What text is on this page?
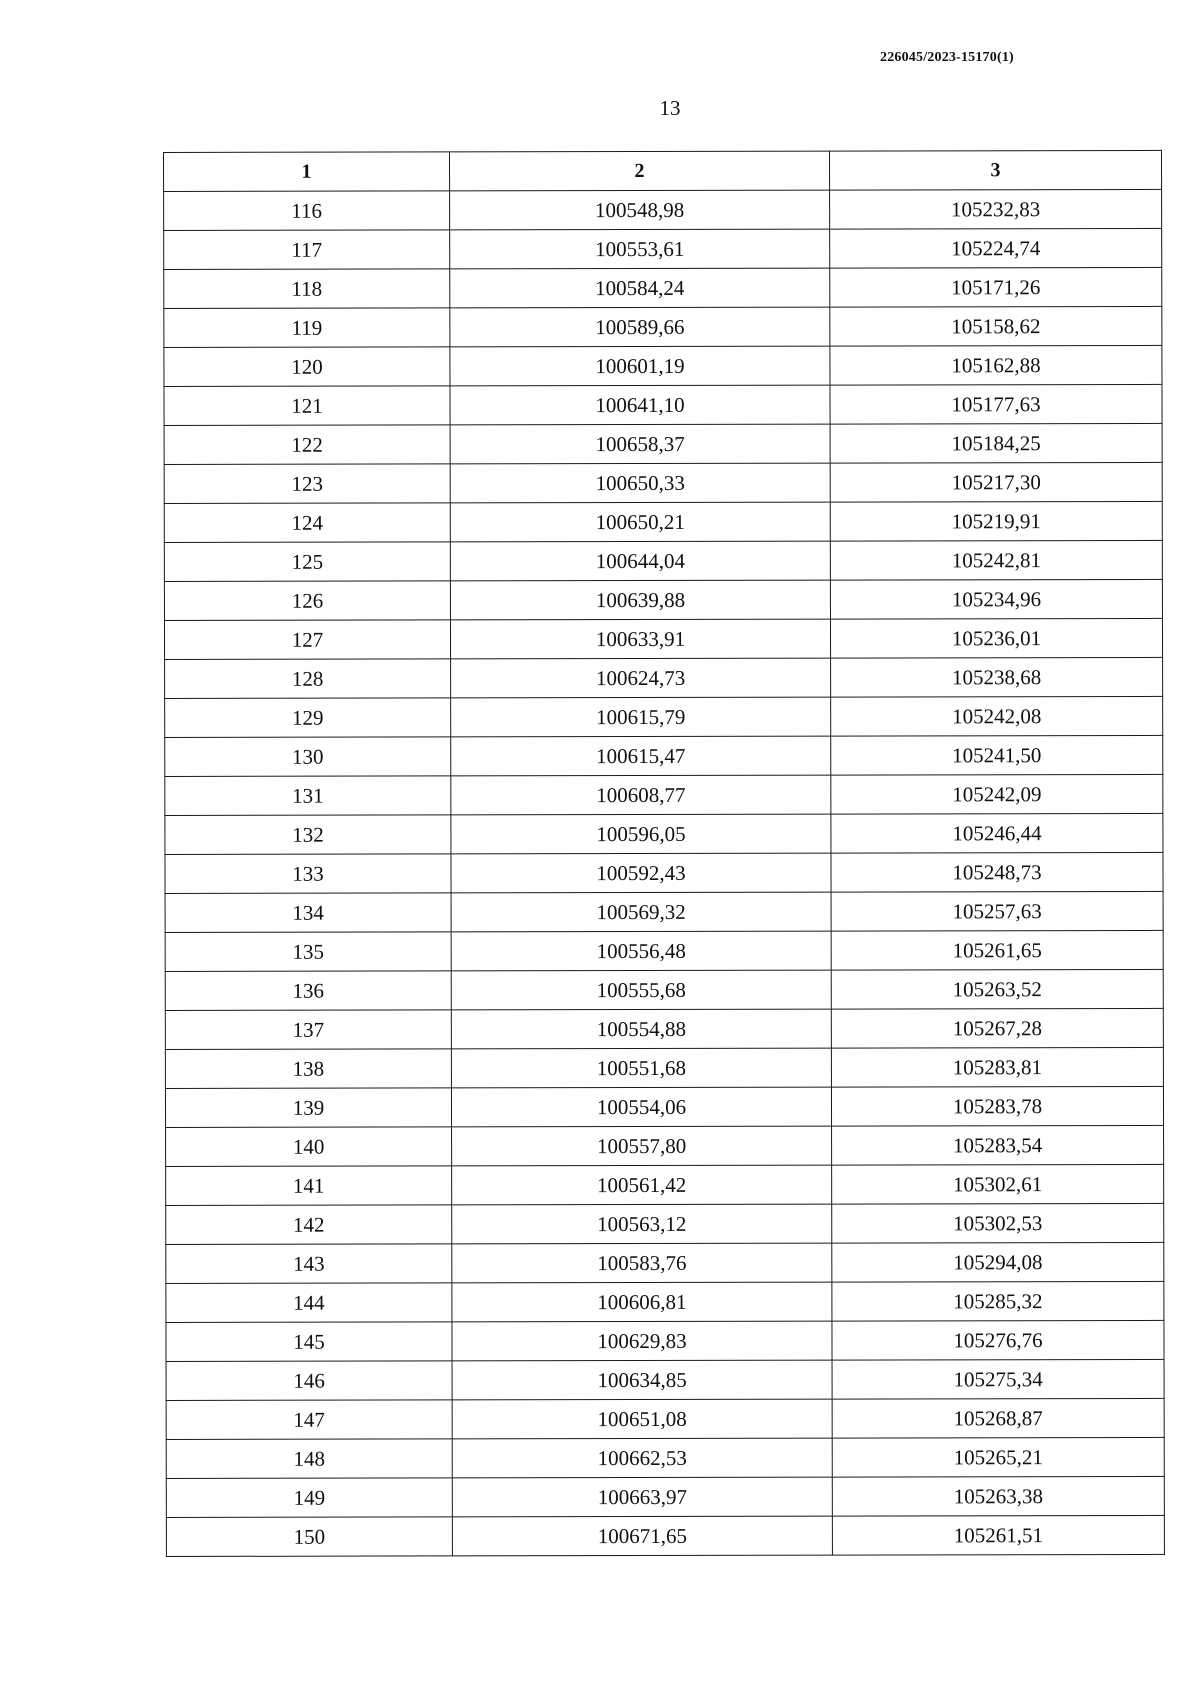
226045/2023-15170(1)
13
1	2	3
116	100548,98	105232,83
117	100553,61	105224,74
118	100584,24	105171,26
119	100589,66	105158,62
120	100601,19	105162,88
121	100641,10	105177,63
122	100658,37	105184,25
123	100650,33	105217,30
124	100650,21	105219,91
125	100644,04	105242,81
126	100639,88	105234,96
127	100633,91	105236,01
128	100624,73	105238,68
129	100615,79	105242,08
130	100615,47	105241,50
131	100608,77	105242,09
132	100596,05	105246,44
133	100592,43	105248,73
134	100569,32	105257,63
135	100556,48	105261,65
136	100555,68	105263,52
137	100554,88	105267,28
138	100551,68	105283,81
139	100554,06	105283,78
140	100557,80	105283,54
141	100561,42	105302,61
142	100563,12	105302,53
143	100583,76	105294,08
144	100606,81	105285,32
145	100629,83	105276,76
146	100634,85	105275,34
147	100651,08	105268,87
148	100662,53	105265,21
149	100663,97	105263,38
150	100671,65	105261,51
